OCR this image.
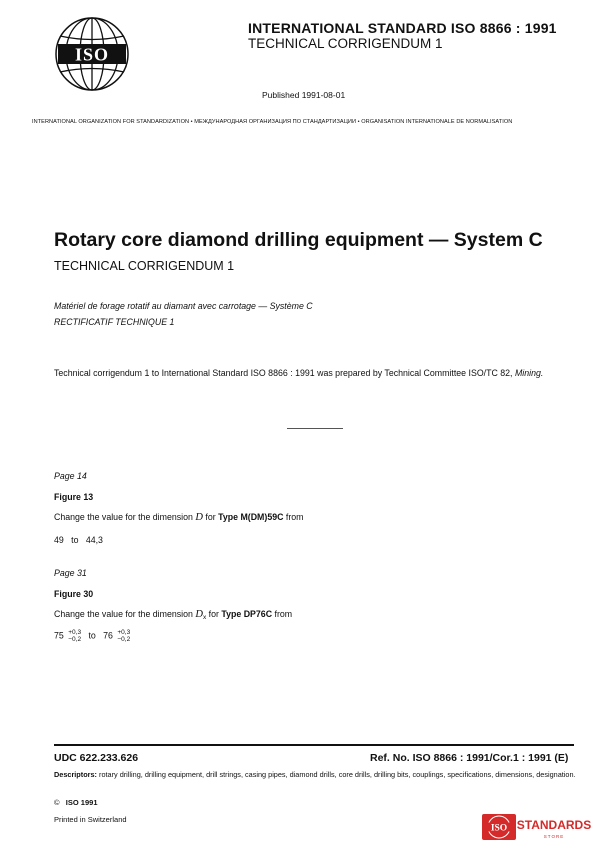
ISO
INTERNATIONAL STANDARD ISO 8866 : 1991
TECHNICAL CORRIGENDUM 1
Published 1991-08-01
INTERNATIONAL ORGANIZATION FOR STANDARDIZATION • МЕЖДУНАРОДНАЯ ОРГАНИЗАЦИЯ ПО СТАНДАРТИЗАЦИИ • ORGANISATION INTERNATIONALE DE NORMALISATION
Rotary core diamond drilling equipment — System C
TECHNICAL CORRIGENDUM 1
Matériel de forage rotatif au diamant avec carrotage — Système C
RECTIFICATIF TECHNIQUE 1
Technical corrigendum 1 to International Standard ISO 8866 : 1991 was prepared by Technical Committee ISO/TC 82, Mining.
Page 14
Figure 13
Change the value for the dimension D for Type M(DM)59C from
49 to 44,3
Page 31
Figure 30
Change the value for the dimension $D_x$ for Type DP76C from
75 +0,3
−0,2 to 76 +0,3
−0,2
UDC 622.233.626	Ref. No. ISO 8866 : 1991/Cor.1 : 1991 (E)
Descriptors: rotary drilling, drilling equipment, drill strings, casing pipes, diamond drills, core drills, drilling bits, couplings, specifications, dimensions, designation.
© ISO 1991
Printed in Switzerland
ISO STANDARDS
STORE
